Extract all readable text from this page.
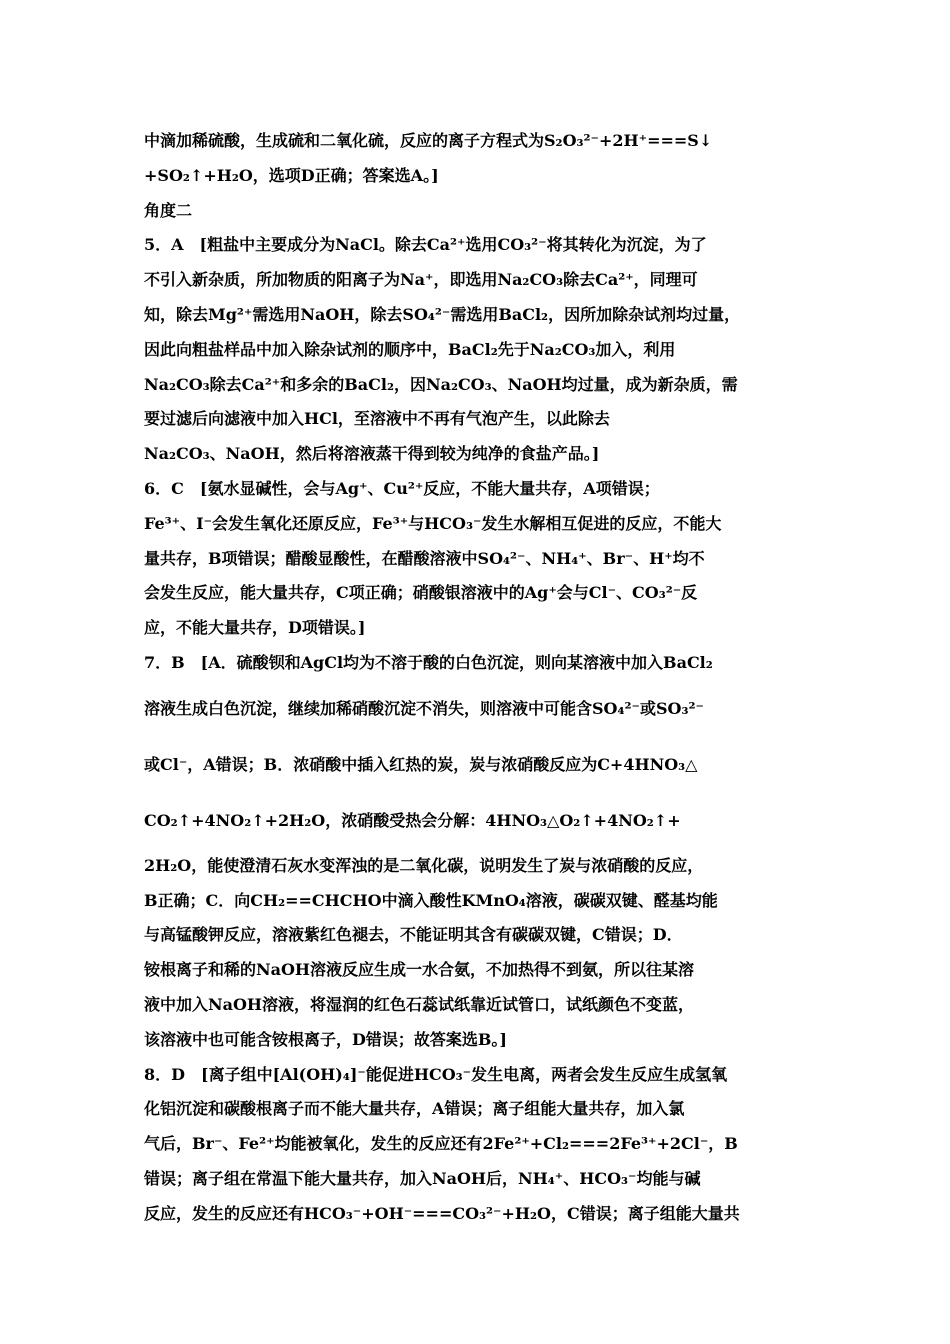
中滴加稀硫酸，生成硫和二氧化硫，反应的离子方程式为S₂O₃²⁻+2H⁺===S↓
+SO₂↑+H₂O，选项D正确；答案选A。]
角度二
5．A　[粗盐中主要成分为NaCl。除去Ca²⁺选用CO₃²⁻将其转化为沉淀，为了
不引入新杂质，所加物质的阳离子为Na⁺，即选用Na₂CO₃除去Ca²⁺，同理可
知，除去Mg²⁺需选用NaOH，除去SO₄²⁻需选用BaCl₂，因所加除杂试剂均过量，
因此向粗盐样品中加入除杂试剂的顺序中，BaCl₂先于Na₂CO₃加入，利用
Na₂CO₃除去Ca²⁺和多余的BaCl₂，因Na₂CO₃、NaOH均过量，成为新杂质，需
要过滤后向滤液中加入HCl，至溶液中不再有气泡产生，以此除去
Na₂CO₃、NaOH，然后将溶液蒸干得到较为纯净的食盐产品。]
6．C　[氨水显碱性，会与Ag⁺、Cu²⁺反应，不能大量共存，A项错误；
Fe³⁺、I⁻会发生氧化还原反应，Fe³⁺与HCO₃⁻发生水解相互促进的反应，不能大
量共存，B项错误；醋酸显酸性，在醋酸溶液中SO₄²⁻、NH₄⁺、Br⁻、H⁺均不
会发生反应，能大量共存，C项正确；硝酸银溶液中的Ag⁺会与Cl⁻、CO₃²⁻反
应，不能大量共存，D项错误。]
7．B　[A．硫酸钡和AgCl均为不溶于酸的白色沉淀，则向某溶液中加入BaCl₂
溶液生成白色沉淀，继续加稀硝酸沉淀不消失，则溶液中可能含SO₄²⁻或SO₃²⁻
或Cl⁻，A错误；B．浓硝酸中插入红热的炭，炭与浓硝酸反应为C+4HNO₃△
CO₂↑+4NO₂↑+2H₂O，浓硝酸受热会分解：4HNO₃△O₂↑+4NO₂↑+
2H₂O，能使澄清石灰水变浑浊的是二氧化碳，说明发生了炭与浓硝酸的反应，
B正确；C．向CH₂==CHCHO中滴入酸性KMnO₄溶液，碳碳双键、醛基均能
与高锰酸钾反应，溶液紫红色褪去，不能证明其含有碳碳双键，C错误；D．
铵根离子和稀的NaOH溶液反应生成一水合氨，不加热得不到氨，所以往某溶
液中加入NaOH溶液，将湿润的红色石蕊试纸靠近试管口，试纸颜色不变蓝，
该溶液中也可能含铵根离子，D错误；故答案选B。]
8．D　[离子组中[Al(OH)₄]⁻能促进HCO₃⁻发生电离，两者会发生反应生成氢氧
化铝沉淀和碳酸根离子而不能大量共存，A错误；离子组能大量共存，加入氯
气后，Br⁻、Fe²⁺均能被氧化，发生的反应还有2Fe²⁺+Cl₂===2Fe³⁺+2Cl⁻，B
错误；离子组在常温下能大量共存，加入NaOH后，NH₄⁺、HCO₃⁻均能与碱
反应，发生的反应还有HCO₃⁻+OH⁻===CO₃²⁻+H₂O，C错误；离子组能大量共
